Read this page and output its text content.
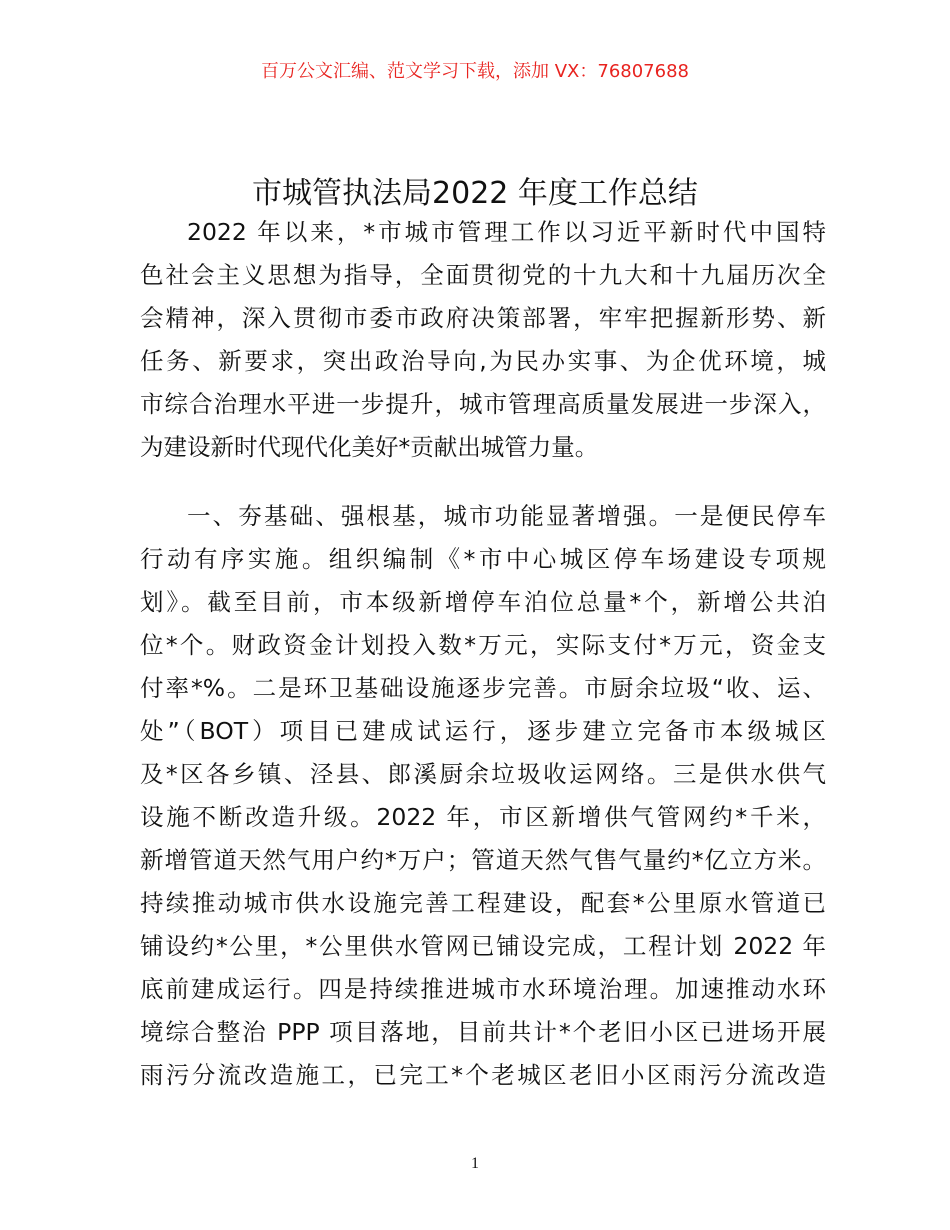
百万公文汇编、范文学习下载，添加 VX：76807688
市城管执法局2022 年度工作总结
2022 年以来，*市城市管理工作以习近平新时代中国特
色社会主义思想为指导，全面贯彻党的十九大和十九届历次全
会精神，深入贯彻市委市政府决策部署，牢牢把握新形势、新
任务、新要求，突出政治导向,为民办实事、为企优环境，城
市综合治理水平进一步提升，城市管理高质量发展进一步深入，
为建设新时代现代化美好*贡献出城管力量。
一、夯基础、强根基，城市功能显著增强。一是便民停车
行动有序实施。组织编制《*市中心城区停车场建设专项规
划》。截至目前，市本级新增停车泊位总量*个，新增公共泊
位*个。财政资金计划投入数*万元，实际支付*万元，资金支
付率*%。二是环卫基础设施逐步完善。市厨余垃圾“收、运、
处”（BOT）项目已建成试运行，逐步建立完备市本级城区
及*区各乡镇、泾县、郎溪厨余垃圾收运网络。三是供水供气
设施不断改造升级。2022 年，市区新增供气管网约*千米，
新增管道天然气用户约*万户；管道天然气售气量约*亿立方米。
持续推动城市供水设施完善工程建设，配套*公里原水管道已
铺设约*公里，*公里供水管网已铺设完成，工程计划 2022 年
底前建成运行。四是持续推进城市水环境治理。加速推动水环
境综合整治 PPP 项目落地，目前共计*个老旧小区已进场开展
雨污分流改造施工，已完工*个老城区老旧小区雨污分流改造
1
